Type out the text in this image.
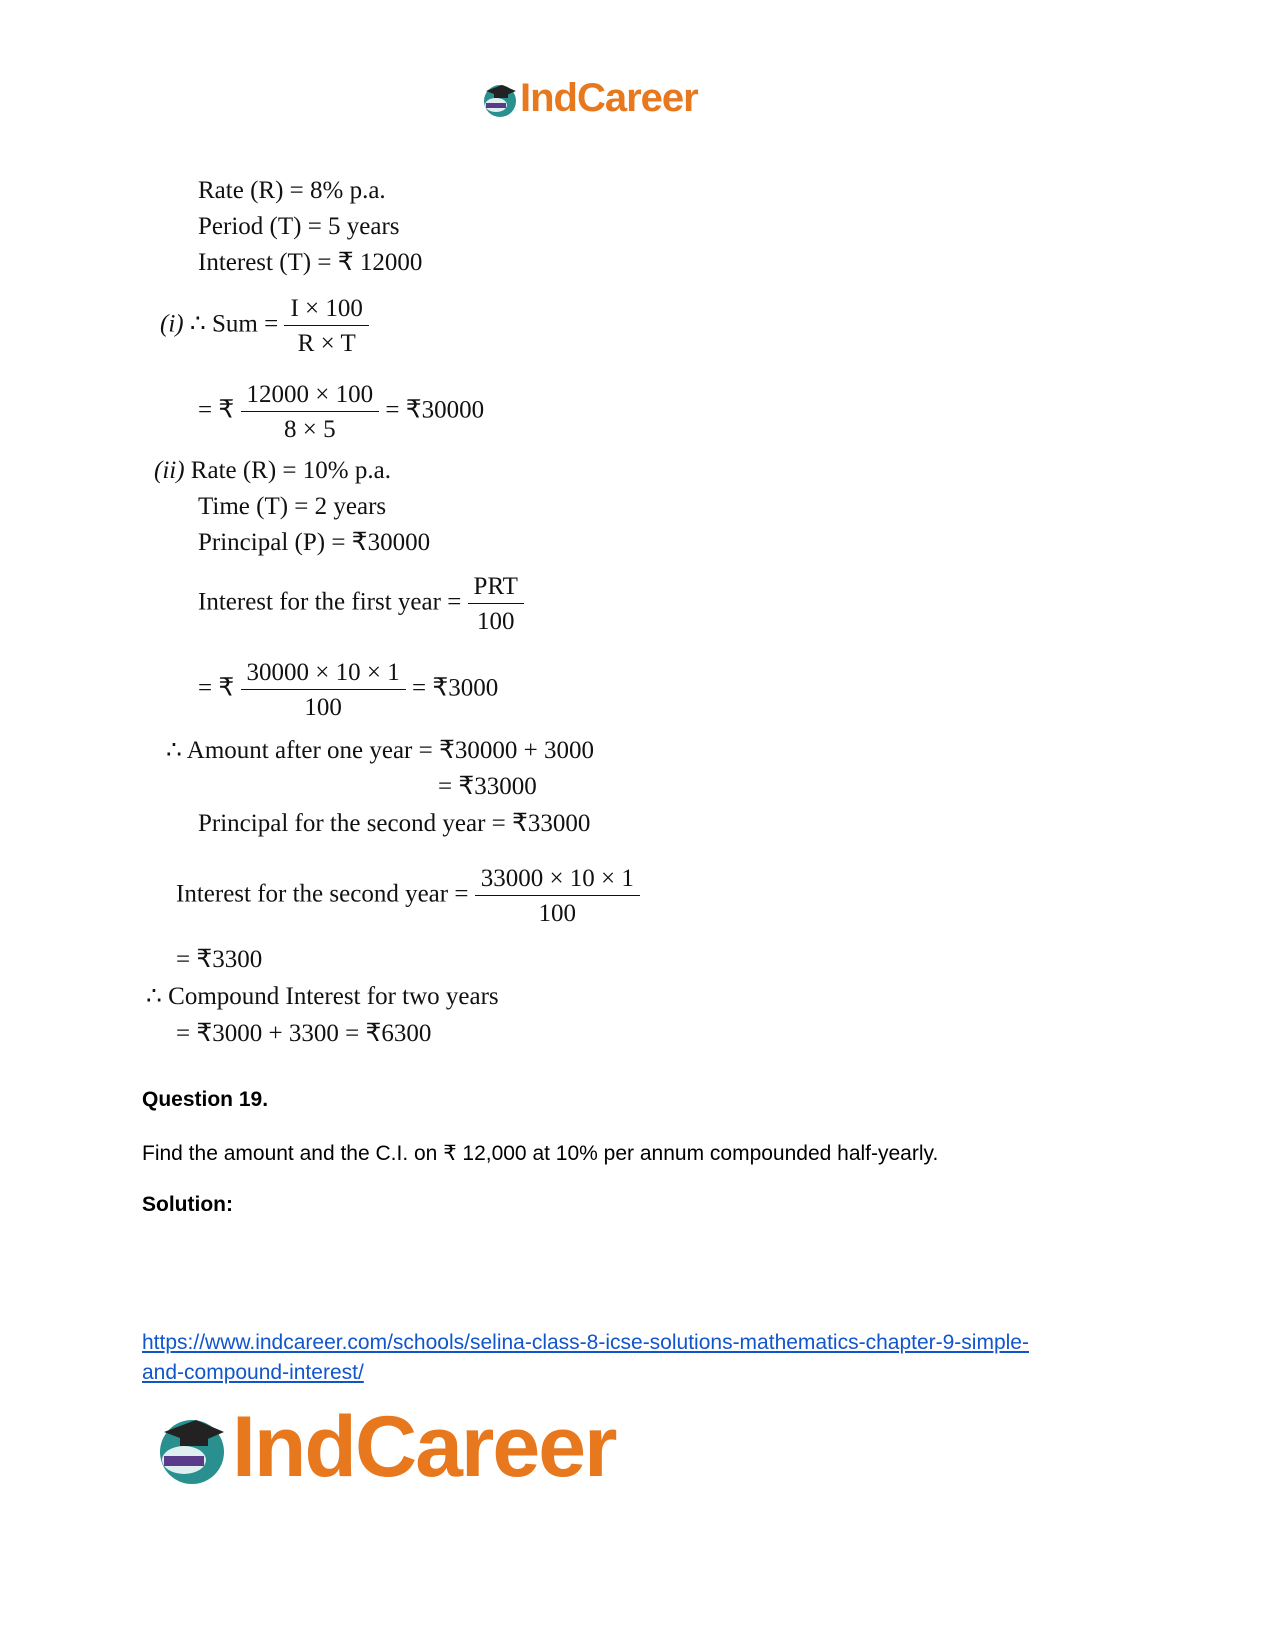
IndCareer
Rate (R) = 8% p.a.
Period (T) = 5 years
Interest (T) = ₹ 12000
(i) ∴ Sum = $\frac{I \times 100}{R \times T}$
= ₹ $\frac{12000 \times 100}{8 \times 5}$ = ₹30000
(ii) Rate (R) = 10% p.a.
Time (T) = 2 years
Principal (P) = ₹30000
Interest for the first year = $\frac{\text{PRT}}{100}$
= ₹ $\frac{30000 \times 10 \times 1}{100}$ = ₹3000
∴ Amount after one year = ₹30000 + 3000
= ₹33000
Principal for the second year = ₹33000
Interest for the second year = $\frac{33000 \times 10 \times 1}{100}$
= ₹3300
∴ Compound Interest for two years
= ₹3000 + 3300 = ₹6300
Question 19.
Find the amount and the C.I. on ₹ 12,000 at 10% per annum compounded half-yearly.
Solution:
https://www.indcareer.com/schools/selina-class-8-icse-solutions-mathematics-chapter-9-simple-
and-compound-interest/
IndCareer
